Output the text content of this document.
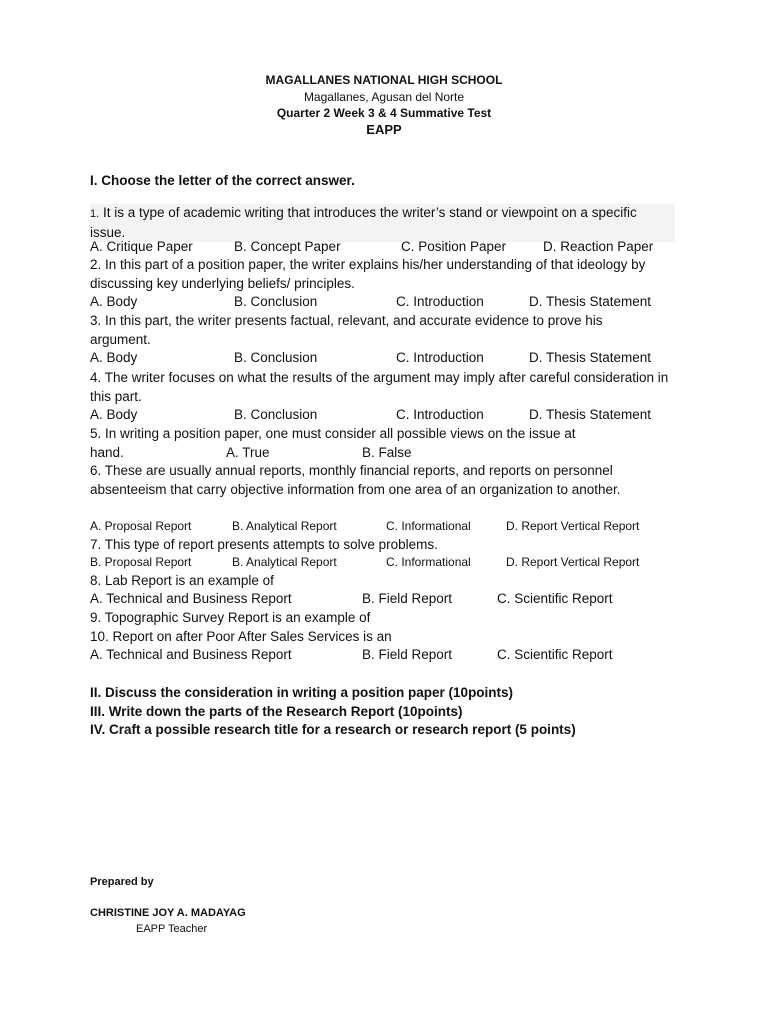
MAGALLANES NATIONAL HIGH SCHOOL
Magallanes, Agusan del Norte
Quarter 2 Week 3 & 4 Summative Test
EAPP
I. Choose the letter of the correct answer.
1. It is a type of academic writing that introduces the writer’s stand or viewpoint on a specific issue.
A. Critique Paper	B. Concept Paper	C. Position Paper	D. Reaction Paper
2. In this part of a position paper, the writer explains his/her understanding of that ideology by discussing key underlying beliefs/ principles.
A. Body	B. Conclusion	C. Introduction	D. Thesis Statement
3. In this part, the writer presents factual, relevant, and accurate evidence to prove his argument.
A. Body	B. Conclusion	C. Introduction	D. Thesis Statement
4. The writer focuses on what the results of the argument may imply after careful consideration in this part.
A. Body	B. Conclusion	C. Introduction	D. Thesis Statement
5. In writing a position paper, one must consider all possible views on the issue at
hand.	A. True	B. False
6. These are usually annual reports, monthly financial reports, and reports on personnel absenteeism that carry objective information from one area of an organization to another.
A. Proposal Report	B. Analytical Report	C. Informational	D. Report Vertical Report
7. This type of report presents attempts to solve problems.
B. Proposal Report	B. Analytical Report	C. Informational	D. Report Vertical Report
8. Lab Report is an example of
A. Technical and Business Report	B. Field Report	C. Scientific Report
9. Topographic Survey Report is an example of
10. Report on after Poor After Sales Services is an
A. Technical and Business Report	B. Field Report	C. Scientific Report
II. Discuss the consideration in writing a position paper (10points)
III. Write down the parts of the Research Report (10points)
IV. Craft a possible research title for a research or research report (5 points)
Prepared by
CHRISTINE JOY A. MADAYAG
EAPP Teacher
